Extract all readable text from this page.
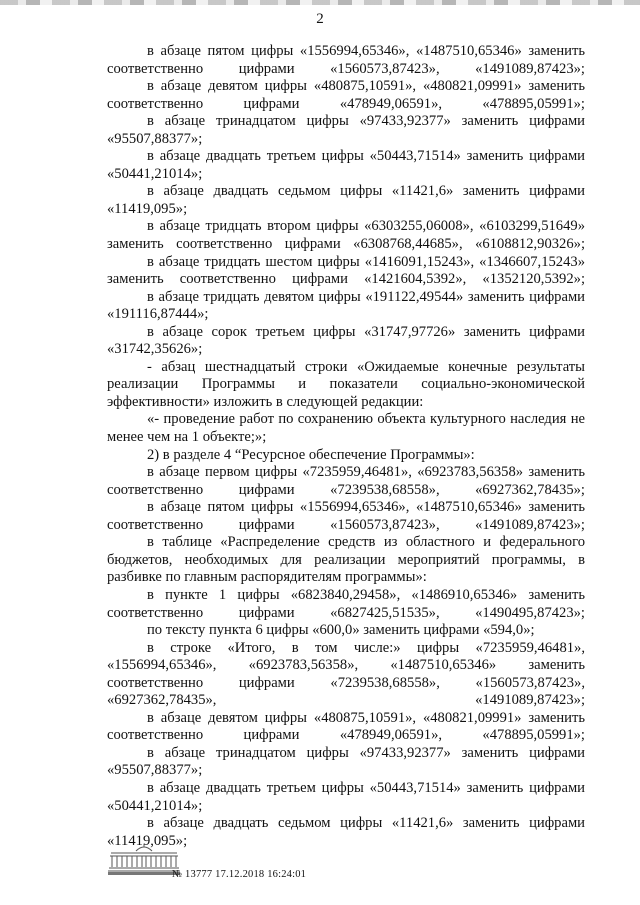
2

в абзаце пятом цифры «1556994,65346», «1487510,65346» заменить соответственно цифрами «1560573,87423», «1491089,87423»;

в абзаце девятом цифры «480875,10591», «480821,09991» заменить соответственно цифрами «478949,06591», «478895,05991»;

в абзаце тринадцатом цифры «97433,92377» заменить цифрами «95507,88377»;

в абзаце двадцать третьем цифры «50443,71514» заменить цифрами «50441,21014»;

в абзаце двадцать седьмом цифры «11421,6» заменить цифрами «11419,095»;

в абзаце тридцать втором цифры «6303255,06008», «6103299,51649» заменить соответственно цифрами «6308768,44685», «6108812,90326»;

в абзаце тридцать шестом цифры «1416091,15243», «1346607,15243» заменить соответственно цифрами «1421604,5392», «1352120,5392»;

в абзаце тридцать девятом цифры «191122,49544» заменить цифрами «191116,87444»;

в абзаце сорок третьем цифры «31747,97726» заменить цифрами «31742,35626»;

- абзац шестнадцатый строки «Ожидаемые конечные результаты реализации Программы и показатели социально-экономической эффективности» изложить в следующей редакции:

«- проведение работ по сохранению объекта культурного наследия не менее чем на 1 объекте;»;

2) в разделе 4 “Ресурсное обеспечение Программы»:

в абзаце первом цифры «7235959,46481», «6923783,56358» заменить соответственно цифрами «7239538,68558», «6927362,78435»;

в абзаце пятом цифры «1556994,65346», «1487510,65346» заменить соответственно цифрами «1560573,87423», «1491089,87423»;

в таблице «Распределение средств из областного и федерального бюджетов, необходимых для реализации мероприятий программы, в разбивке по главным распорядителям программы»:

в пункте 1 цифры «6823840,29458», «1486910,65346» заменить соответственно цифрами «6827425,51535», «1490495,87423»;

по тексту пункта 6 цифры «600,0» заменить цифрами «594,0»;

в строке «Итого, в том числе:» цифры «7235959,46481», «1556994,65346», «6923783,56358», «1487510,65346» заменить соответственно цифрами «7239538,68558», «1560573,87423», «6927362,78435», «1491089,87423»;

в абзаце девятом цифры «480875,10591», «480821,09991» заменить соответственно цифрами «478949,06591», «478895,05991»;

в абзаце тринадцатом цифры «97433,92377» заменить цифрами «95507,88377»;

в абзаце двадцать третьем цифры «50443,71514» заменить цифрами «50441,21014»;

в абзаце двадцать седьмом цифры «11421,6» заменить цифрами «11419,095»;

№ 13777 17.12.2018 16:24:01
